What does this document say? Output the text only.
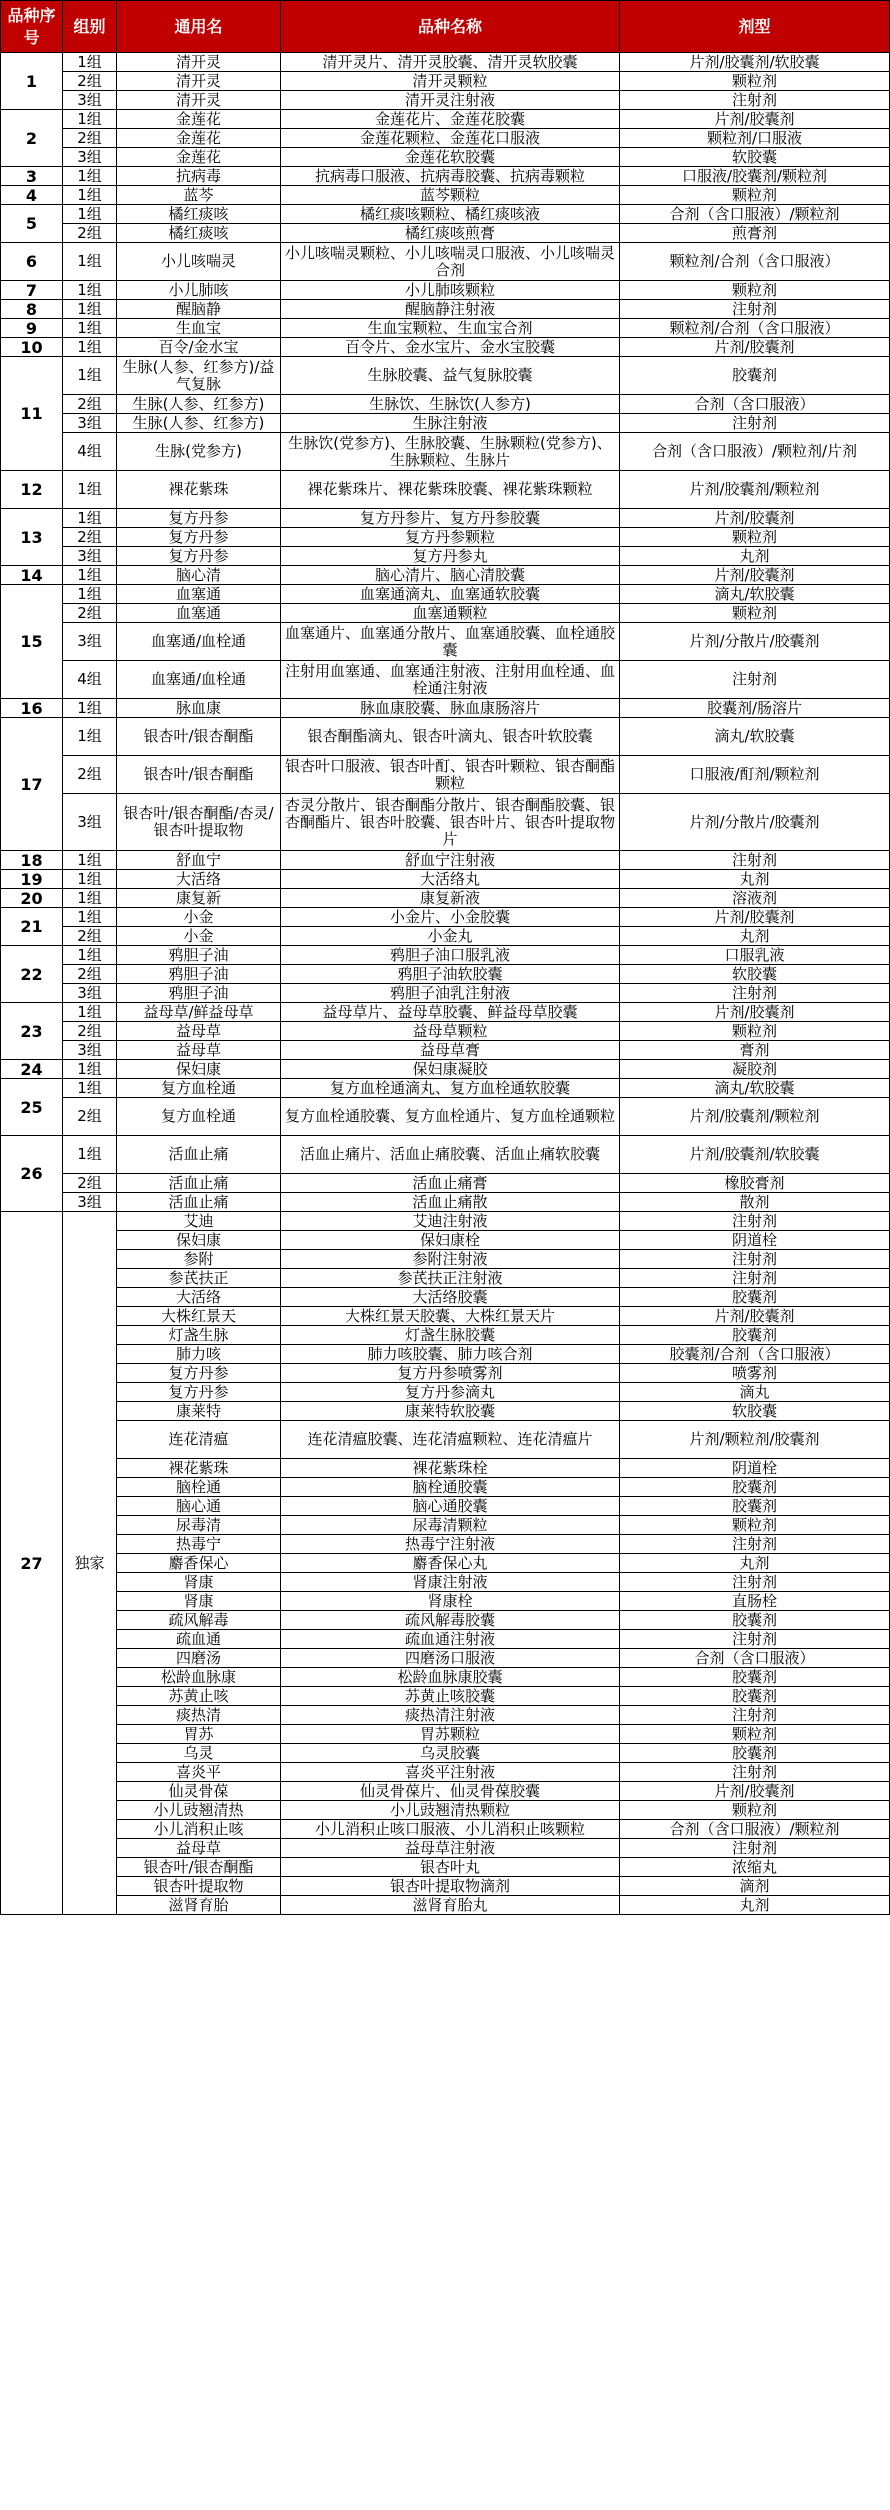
品种序号	组别	通用名	品种名称	剂型
1	1组	清开灵	清开灵片、清开灵胶囊、清开灵软胶囊	片剂/胶囊剂/软胶囊
	2组	清开灵	清开灵颗粒	颗粒剂
	3组	清开灵	清开灵注射液	注射剂
2	1组	金莲花	金莲花片、金莲花胶囊	片剂/胶囊剂
	2组	金莲花	金莲花颗粒、金莲花口服液	颗粒剂/口服液
	3组	金莲花	金莲花软胶囊	软胶囊
3	1组	抗病毒	抗病毒口服液、抗病毒胶囊、抗病毒颗粒	口服液/胶囊剂/颗粒剂
4	1组	蓝芩	蓝芩颗粒	颗粒剂
5	1组	橘红痰咳	橘红痰咳颗粒、橘红痰咳液	合剂（含口服液）/颗粒剂
	2组	橘红痰咳	橘红痰咳煎膏	煎膏剂
6	1组	小儿咳喘灵	小儿咳喘灵颗粒、小儿咳喘灵口服液、小儿咳喘灵合剂	颗粒剂/合剂（含口服液）
7	1组	小儿肺咳	小儿肺咳颗粒	颗粒剂
8	1组	醒脑静	醒脑静注射液	注射剂
9	1组	生血宝	生血宝颗粒、生血宝合剂	颗粒剂/合剂（含口服液）
10	1组	百令/金水宝	百令片、金水宝片、金水宝胶囊	片剂/胶囊剂
11	1组	生脉(人参、红参方)/益气复脉	生脉胶囊、益气复脉胶囊	胶囊剂
	2组	生脉(人参、红参方)	生脉饮、生脉饮(人参方)	合剂（含口服液）
	3组	生脉(人参、红参方)	生脉注射液	注射剂
	4组	生脉(党参方)	生脉饮(党参方)、生脉胶囊、生脉颗粒(党参方)、生脉颗粒、生脉片	合剂（含口服液）/颗粒剂/片剂
12	1组	裸花紫珠	裸花紫珠片、裸花紫珠胶囊、裸花紫珠颗粒	片剂/胶囊剂/颗粒剂
13	1组	复方丹参	复方丹参片、复方丹参胶囊	片剂/胶囊剂
	2组	复方丹参	复方丹参颗粒	颗粒剂
	3组	复方丹参	复方丹参丸	丸剂
14	1组	脑心清	脑心清片、脑心清胶囊	片剂/胶囊剂
15	1组	血塞通	血塞通滴丸、血塞通软胶囊	滴丸/软胶囊
	2组	血塞通	血塞通颗粒	颗粒剂
	3组	血塞通/血栓通	血塞通片、血塞通分散片、血塞通胶囊、血栓通胶囊	片剂/分散片/胶囊剂
	4组	血塞通/血栓通	注射用血塞通、血塞通注射液、注射用血栓通、血栓通注射液	注射剂
16	1组	脉血康	脉血康胶囊、脉血康肠溶片	胶囊剂/肠溶片
17	1组	银杏叶/银杏酮酯	银杏酮酯滴丸、银杏叶滴丸、银杏叶软胶囊	滴丸/软胶囊
	2组	银杏叶/银杏酮酯	银杏叶口服液、银杏叶酊、银杏叶颗粒、银杏酮酯颗粒	口服液/酊剂/颗粒剂
	3组	银杏叶/银杏酮酯/杏灵/银杏叶提取物	杏灵分散片、银杏酮酯分散片、银杏酮酯胶囊、银杏酮酯片、银杏叶胶囊、银杏叶片、银杏叶提取物片	片剂/分散片/胶囊剂
18	1组	舒血宁	舒血宁注射液	注射剂
19	1组	大活络	大活络丸	丸剂
20	1组	康复新	康复新液	溶液剂
21	1组	小金	小金片、小金胶囊	片剂/胶囊剂
	2组	小金	小金丸	丸剂
22	1组	鸦胆子油	鸦胆子油口服乳液	口服乳液
	2组	鸦胆子油	鸦胆子油软胶囊	软胶囊
	3组	鸦胆子油	鸦胆子油乳注射液	注射剂
23	1组	益母草/鲜益母草	益母草片、益母草胶囊、鲜益母草胶囊	片剂/胶囊剂
	2组	益母草	益母草颗粒	颗粒剂
	3组	益母草	益母草膏	膏剂
24	1组	保妇康	保妇康凝胶	凝胶剂
25	1组	复方血栓通	复方血栓通滴丸、复方血栓通软胶囊	滴丸/软胶囊
	2组	复方血栓通	复方血栓通胶囊、复方血栓通片、复方血栓通颗粒	片剂/胶囊剂/颗粒剂
26	1组	活血止痛	活血止痛片、活血止痛胶囊、活血止痛软胶囊	片剂/胶囊剂/软胶囊
	2组	活血止痛	活血止痛膏	橡胶膏剂
	3组	活血止痛	活血止痛散	散剂
27	独家	艾迪	艾迪注射液	注射剂
		保妇康	保妇康栓	阴道栓
		参附	参附注射液	注射剂
		参芪扶正	参芪扶正注射液	注射剂
		大活络	大活络胶囊	胶囊剂
		大株红景天	大株红景天胶囊、大株红景天片	片剂/胶囊剂
		灯盏生脉	灯盏生脉胶囊	胶囊剂
		肺力咳	肺力咳胶囊、肺力咳合剂	胶囊剂/合剂（含口服液）
		复方丹参	复方丹参喷雾剂	喷雾剂
		复方丹参	复方丹参滴丸	滴丸
		康莱特	康莱特软胶囊	软胶囊
		连花清瘟	连花清瘟胶囊、连花清瘟颗粒、连花清瘟片	片剂/颗粒剂/胶囊剂
		裸花紫珠	裸花紫珠栓	阴道栓
		脑栓通	脑栓通胶囊	胶囊剂
		脑心通	脑心通胶囊	胶囊剂
		尿毒清	尿毒清颗粒	颗粒剂
		热毒宁	热毒宁注射液	注射剂
		麝香保心	麝香保心丸	丸剂
		肾康	肾康注射液	注射剂
		肾康	肾康栓	直肠栓
		疏风解毒	疏风解毒胶囊	胶囊剂
		疏血通	疏血通注射液	注射剂
		四磨汤	四磨汤口服液	合剂（含口服液）
		松龄血脉康	松龄血脉康胶囊	胶囊剂
		苏黄止咳	苏黄止咳胶囊	胶囊剂
		痰热清	痰热清注射液	注射剂
		胃苏	胃苏颗粒	颗粒剂
		乌灵	乌灵胶囊	胶囊剂
		喜炎平	喜炎平注射液	注射剂
		仙灵骨葆	仙灵骨葆片、仙灵骨葆胶囊	片剂/胶囊剂
		小儿豉翘清热	小儿豉翘清热颗粒	颗粒剂
		小儿消积止咳	小儿消积止咳口服液、小儿消积止咳颗粒	合剂（含口服液）/颗粒剂
		益母草	益母草注射液	注射剂
		银杏叶/银杏酮酯	银杏叶丸	浓缩丸
		银杏叶提取物	银杏叶提取物滴剂	滴剂
		滋肾育胎	滋肾育胎丸	丸剂
